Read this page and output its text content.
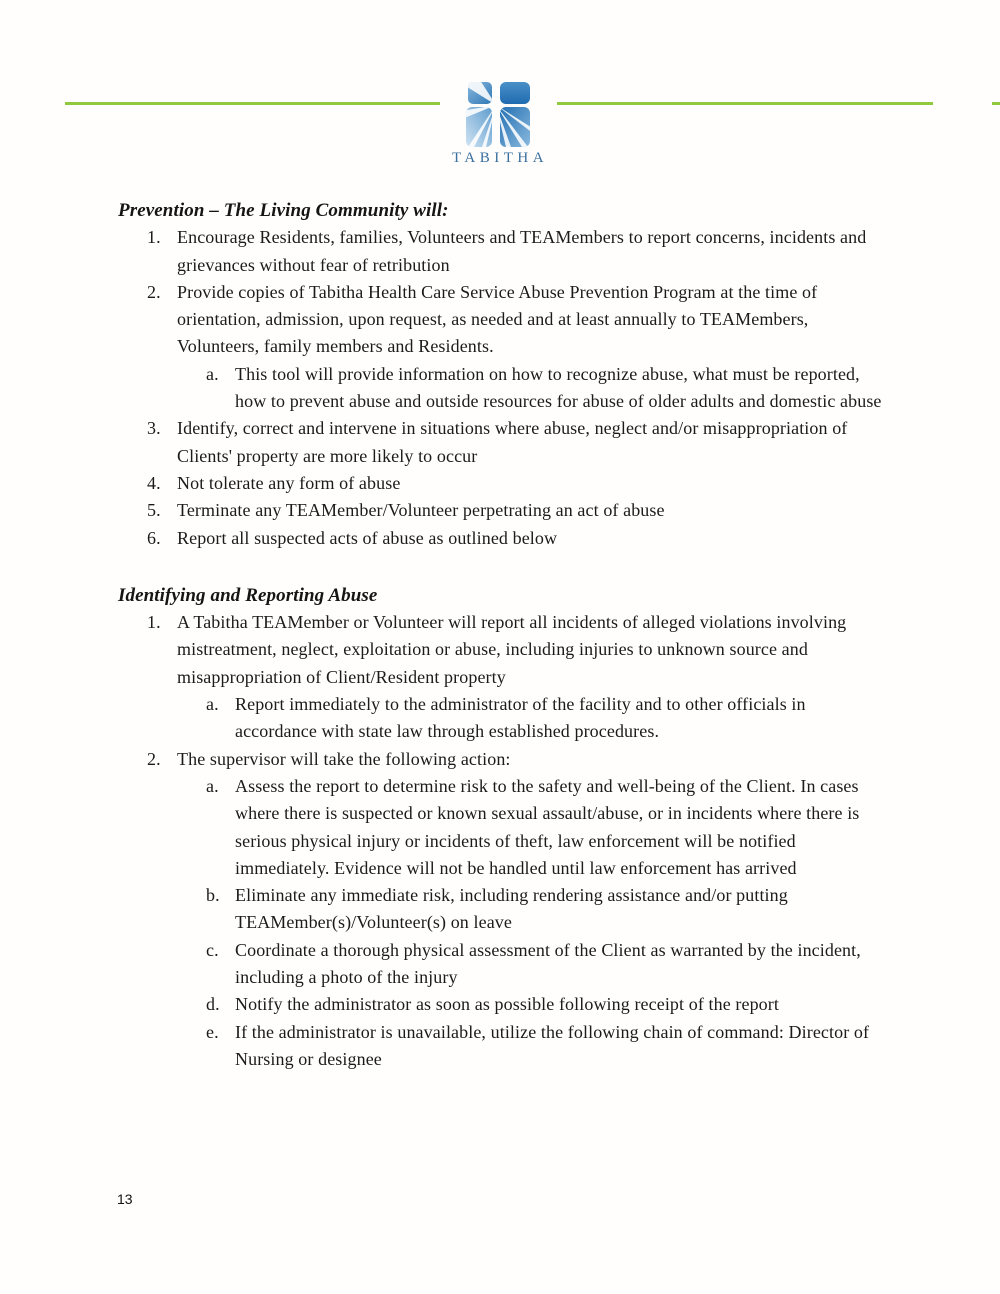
TABITHA
Prevention – The Living Community will:
1. Encourage Residents, families, Volunteers and TEAMembers to report concerns, incidents and grievances without fear of retribution
2. Provide copies of Tabitha Health Care Service Abuse Prevention Program at the time of orientation, admission, upon request, as needed and at least annually to TEAMembers, Volunteers, family members and Residents.
a. This tool will provide information on how to recognize abuse, what must be reported, how to prevent abuse and outside resources for abuse of older adults and domestic abuse
3. Identify, correct and intervene in situations where abuse, neglect and/or misappropriation of Clients' property are more likely to occur
4. Not tolerate any form of abuse
5. Terminate any TEAMember/Volunteer perpetrating an act of abuse
6. Report all suspected acts of abuse as outlined below
Identifying and Reporting Abuse
1. A Tabitha TEAMember or Volunteer will report all incidents of alleged violations involving mistreatment, neglect, exploitation or abuse, including injuries to unknown source and misappropriation of Client/Resident property
a. Report immediately to the administrator of the facility and to other officials in accordance with state law through established procedures.
2. The supervisor will take the following action:
a. Assess the report to determine risk to the safety and well-being of the Client. In cases where there is suspected or known sexual assault/abuse, or in incidents where there is serious physical injury or incidents of theft, law enforcement will be notified immediately. Evidence will not be handled until law enforcement has arrived
b. Eliminate any immediate risk, including rendering assistance and/or putting TEAMember(s)/Volunteer(s) on leave
c. Coordinate a thorough physical assessment of the Client as warranted by the incident, including a photo of the injury
d. Notify the administrator as soon as possible following receipt of the report
e. If the administrator is unavailable, utilize the following chain of command: Director of Nursing or designee
13
